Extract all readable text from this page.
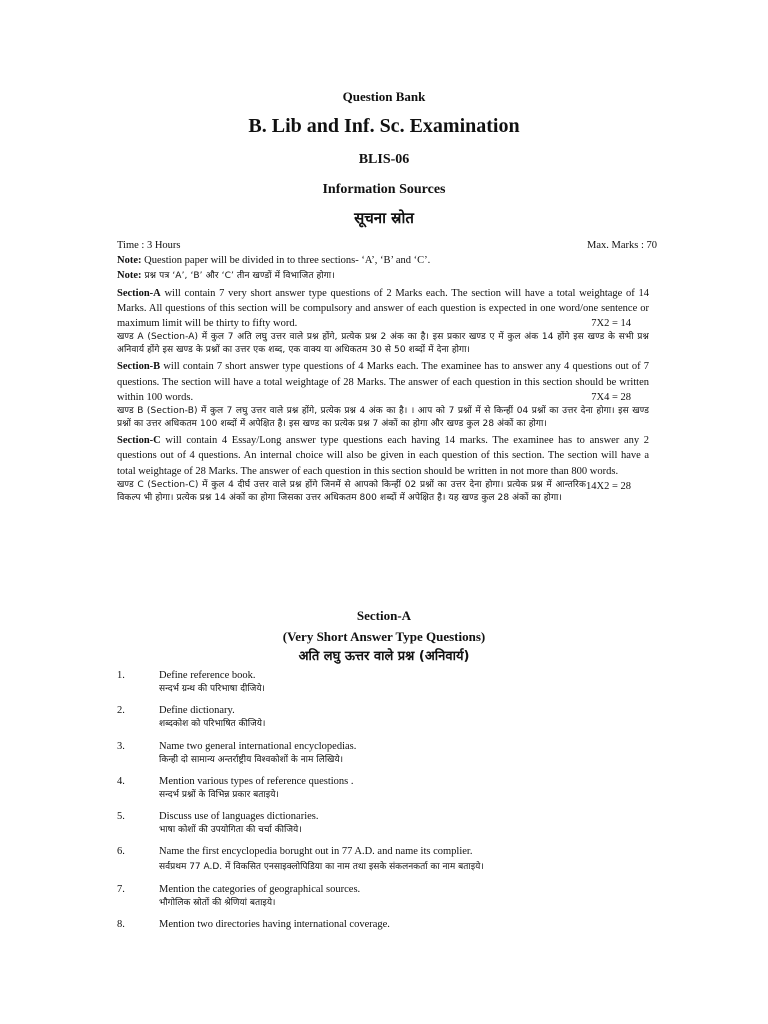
Question Bank
B. Lib and Inf. Sc. Examination
BLIS-06
Information Sources
सूचना स्रोत
Time : 3 Hours	Max. Marks : 70
Note: Question paper will be divided in to three sections- ‘A’, ‘B’ and ‘C’.
Note: प्रश्न पत्र ‘A’, ‘B’ और ‘C’ तीन खण्डों में विभाजित होगा।
Section-A will contain 7 very short answer type questions of 2 Marks each. The section will have a total weightage of 14 Marks. All questions of this section will be compulsory and answer of each question is expected in one word/one sentence or maximum limit will be thirty to fifty word.	7X2 = 14
खण्ड A (Section-A) में कुल 7 अति लघु उत्तर वाले प्रश्न होंगे, प्रत्येक प्रश्न 2 अंक का है। इस प्रकार खण्ड ए में कुल अंक 14 होंगे इस खण्ड के सभी प्रश्न अनिवार्य होंगे इस खण्ड के प्रश्नों का उत्तर एक शब्द, एक वाक्य या अधिकतम 30 से 50 शब्दों में देना होगा।
Section-B will contain 7 short answer type questions of 4 Marks each. The examinee has to answer any 4 questions out of 7 questions. The section will have a total weightage of 28 Marks. The answer of each question in this section should be written within 100 words.	7X4 = 28
खण्ड B (Section-B) में कुल 7 लघु उत्तर वाले प्रश्न होंगे, प्रत्येक प्रश्न 4 अंक का है। । आप को 7 प्रश्नों में से किन्हीं 04 प्रश्नों का उत्तर देना होगा। इस खण्ड प्रश्नों का उत्तर अधिकतम 100 शब्दों में अपेक्षित है। इस खण्ड का प्रत्येक प्रश्न 7 अंकों का होगा और खण्ड कुल 28 अंकों का होगा।
Section-C will contain 4 Essay/Long answer type questions each having 14 marks. The examinee has to answer any 2 questions out of 4 questions. An internal choice will also be given in each question of this section. The section will have a total weightage of 28 Marks. The answer of each question in this section should be written in not more than 800 words.
14X2 = 28
खण्ड C (Section-C) में कुल 4 दीर्घ उत्तर वाले प्रश्न होंगे जिनमें से आपको किन्हीं 02 प्रश्नों का उत्तर देना होगा। प्रत्येक प्रश्न में आन्तरिक विकल्प भी होगा। प्रत्येक प्रश्न 14 अंकों का होगा जिसका उत्तर अधिकतम 800 शब्दों में अपेक्षित है। यह खण्ड कुल 28 अंकों का होगा।
Section-A
(Very Short Answer Type Questions)
अति लघु ऊत्तर वाले प्रश्न (अनिवार्य)
1.	Define reference book.
सन्दर्भ ग्रन्थ की परिभाषा दीजिये।
2.	Define dictionary.
शब्दकोश को परिभाषित कीजिये।
3.	Name two general international encyclopedias.
किन्ही दो सामान्य अन्तर्राष्ट्रीय विश्वकोशों के नाम लिखिये।
4.	Mention various types of reference questions .
सन्दर्भ प्रश्नों के विभिन्न प्रकार बताइये।
5.	Discuss use of languages dictionaries.
भाषा कोशों की उपयोगिता की चर्चा कीजिये।
6.	Name the first encyclopedia borught out in 77 A.D. and name its complier.
सर्वप्रथम 77 A.D. में विकसित एनसाइक्लोपिडिया का नाम तथा इसके संकलनकर्ता का नाम बताइये।
7.	Mention the categories of geographical sources.
भौगोलिक स्रोतों की श्रेणियां बताइये।
8.	Mention two directories having international coverage.
